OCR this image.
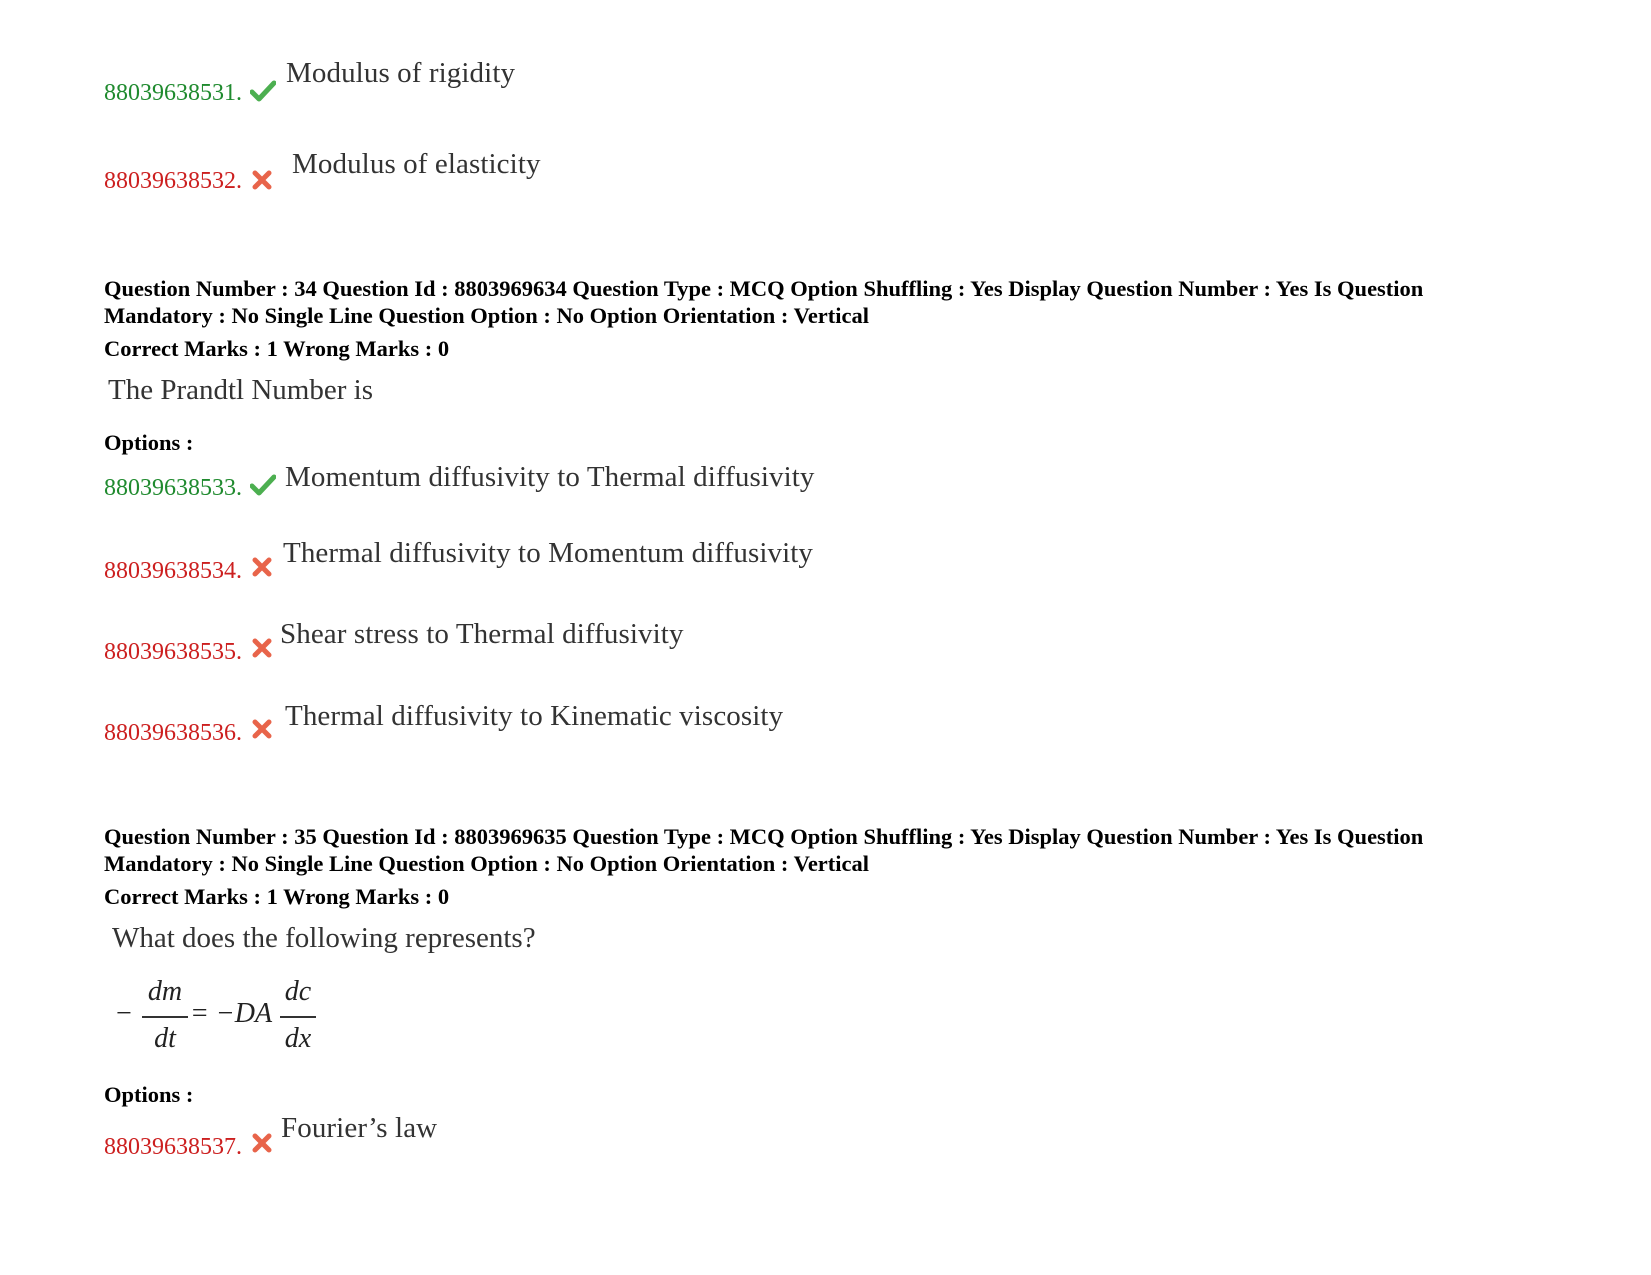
88039638531.
Modulus of rigidity
88039638532.
Modulus of elasticity
Question Number : 34 Question Id : 8803969634 Question Type : MCQ Option Shuffling : Yes Display Question Number : Yes Is Question
Mandatory : No Single Line Question Option : No Option Orientation : Vertical
Correct Marks : 1 Wrong Marks : 0
The Prandtl Number is
Options :
88039638533. Momentum diffusivity to Thermal diffusivity
88039638534.
Thermal diffusivity to Momentum diffusivity
88039638535.
Shear stress to Thermal diffusivity
88039638536.
Thermal diffusivity to Kinematic viscosity
Question Number : 35 Question Id : 8803969635 Question Type : MCQ Option Shuffling : Yes Display Question Number : Yes Is Question
Mandatory : No Single Line Question Option : No Option Orientation : Vertical
Correct Marks : 1 Wrong Marks : 0
What does the following represents?
−
dm
dt
= −DA
dc
dx
Options :
88039638537.
Fourier’s law
